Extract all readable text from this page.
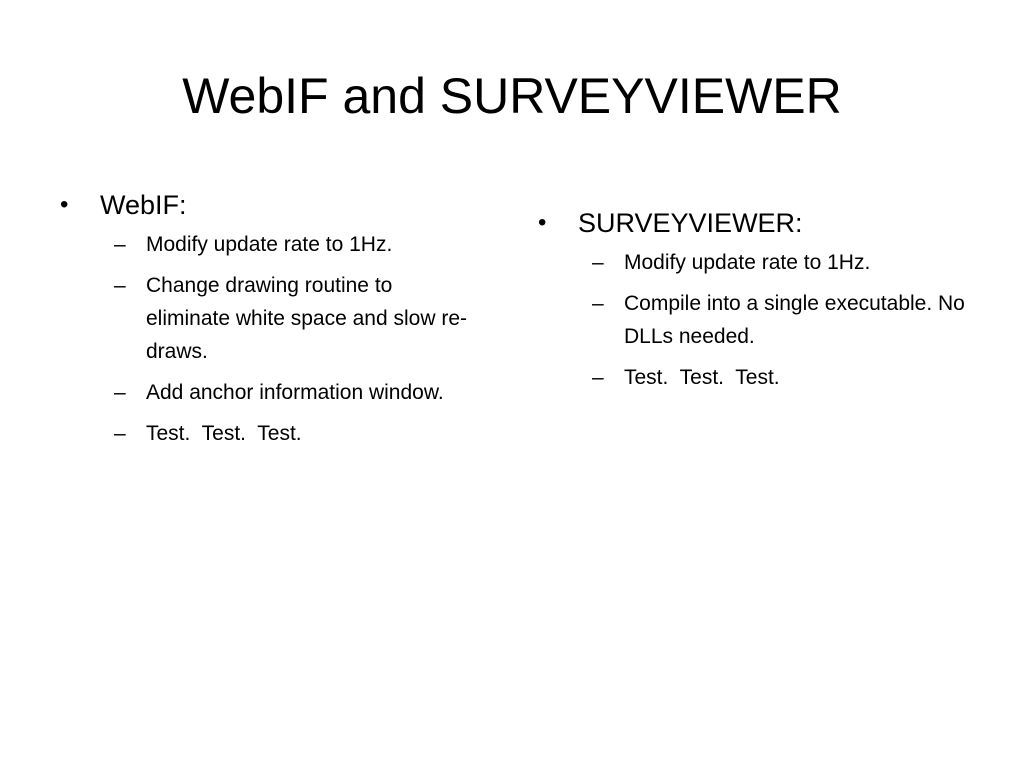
WebIF and SURVEYVIEWER
• WebIF:
– Modify update rate to 1Hz.
– Change drawing routine to eliminate white space and slow re-draws.
– Add anchor information window.
– Test.  Test.  Test.
• SURVEYVIEWER:
– Modify update rate to 1Hz.
– Compile into a single executable. No DLLs needed.
– Test.  Test.  Test.
